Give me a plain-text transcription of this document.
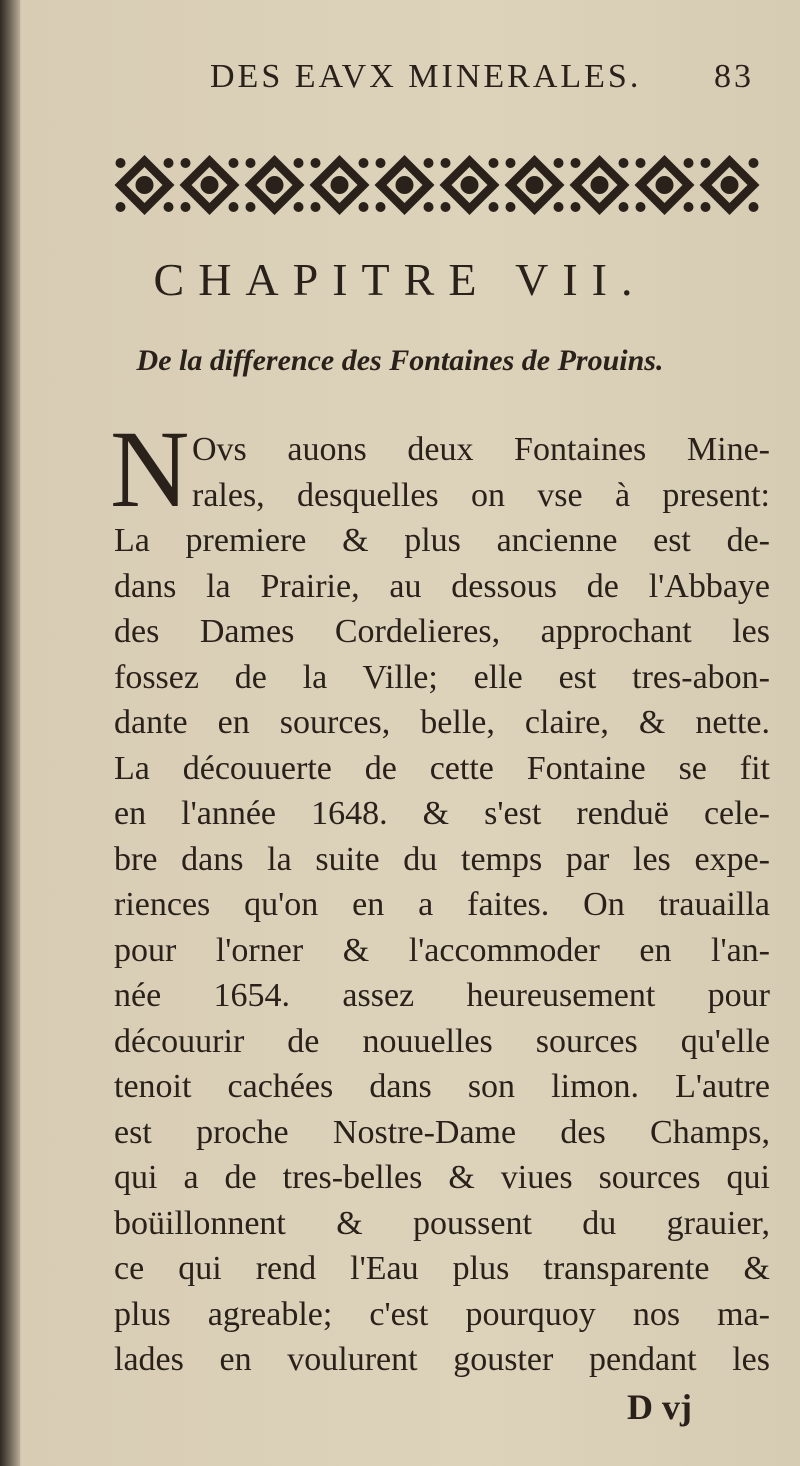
DES EAVX MINERALES. 83
CHAPITRE VII.
De la difference des Fontaines de Prouins.
N Ovs auons deux Fontaines Mine-
rales, desquelles on vse à present:
La premiere & plus ancienne est de-
dans la Prairie, au dessous de l'Abbaye
des Dames Cordelieres, approchant les
fossez de la Ville; elle est tres-abon-
dante en sources, belle, claire, & nette.
La découuerte de cette Fontaine se fit
en l'année 1648. & s'est renduë cele-
bre dans la suite du temps par les expe-
riences qu'on en a faites. On trauailla
pour l'orner & l'accommoder en l'an-
née 1654. assez heureusement pour
découurir de nouuelles sources qu'elle
tenoit cachées dans son limon. L'autre
est proche Nostre-Dame des Champs,
qui a de tres-belles & viues sources qui
boüillonnent & poussent du grauier,
ce qui rend l'Eau plus transparente &
plus agreable; c'est pourquoy nos ma-
lades en voulurent gouster pendant les
D vj
